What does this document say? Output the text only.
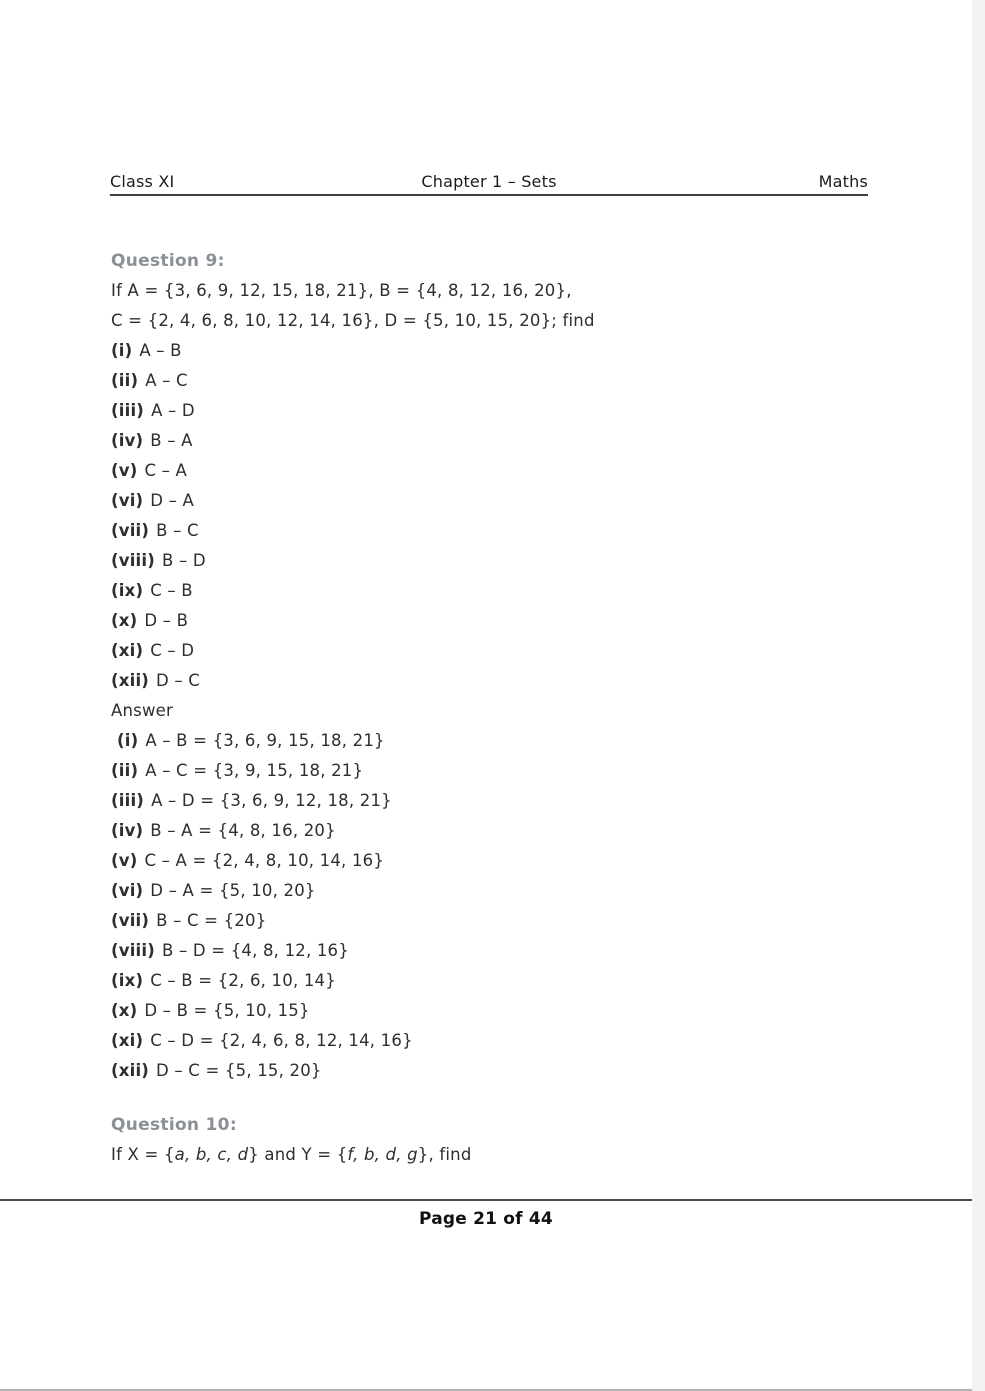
Class XI	Chapter 1 – Sets	Maths
Question 9:
If A = {3, 6, 9, 12, 15, 18, 21}, B = {4, 8, 12, 16, 20},
C = {2, 4, 6, 8, 10, 12, 14, 16}, D = {5, 10, 15, 20}; find
(i) A – B
(ii) A – C
(iii) A – D
(iv) B – A
(v) C – A
(vi) D – A
(vii) B – C
(viii) B – D
(ix) C – B
(x) D – B
(xi) C – D
(xii) D – C
Answer
(i) A – B = {3, 6, 9, 15, 18, 21}
(ii) A – C = {3, 9, 15, 18, 21}
(iii) A – D = {3, 6, 9, 12, 18, 21}
(iv) B – A = {4, 8, 16, 20}
(v) C – A = {2, 4, 8, 10, 14, 16}
(vi) D – A = {5, 10, 20}
(vii) B – C = {20}
(viii) B – D = {4, 8, 12, 16}
(ix) C – B = {2, 6, 10, 14}
(x) D – B = {5, 10, 15}
(xi) C – D = {2, 4, 6, 8, 12, 14, 16}
(xii) D – C = {5, 15, 20}
Question 10:
If X = {a, b, c, d} and Y = {f, b, d, g}, find
Page 21 of 44
